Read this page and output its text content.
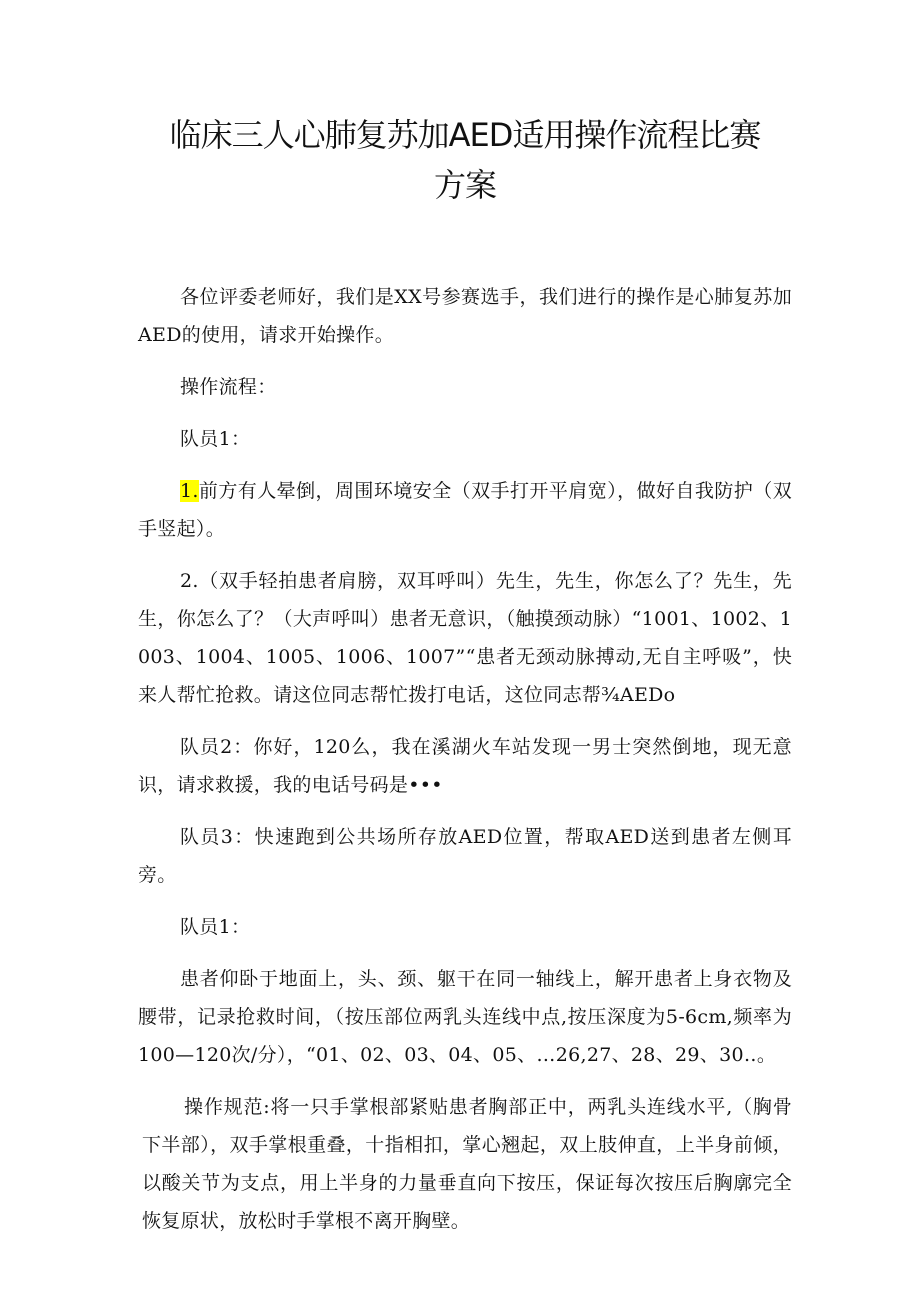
临床三人心肺复苏加AED适用操作流程比赛
方案

各位评委老师好，我们是XX号参赛选手，我们进行的操作是心肺复苏加AED的使用，请求开始操作。

操作流程：

队员1：

1.前方有人晕倒，周围环境安全（双手打开平肩宽），做好自我防护（双手竖起）。

2.（双手轻拍患者肩膀，双耳呼叫）先生，先生，你怎么了？先生，先生，你怎么了？（大声呼叫）患者无意识，（触摸颈动脉）“1001、1002、1003、1004、1005、1006、1007”“患者无颈动脉搏动,无自主呼吸”，快来人帮忙抢救。请这位同志帮忙拨打电话，这位同志帮¾AEDo

队员2：你好，120么，我在溪湖火车站发现一男士突然倒地，现无意识，请求救援，我的电话号码是•••

队员3：快速跑到公共场所存放AED位置，帮取AED送到患者左侧耳旁。

队员1：

患者仰卧于地面上，头、颈、躯干在同一轴线上，解开患者上身衣物及腰带，记录抢救时间，（按压部位两乳头连线中点,按压深度为5-6cm,频率为100—120次/分），“01、02、03、04、05、…26,27、28、29、30‥。

操作规范:将一只手掌根部紧贴患者胸部正中，两乳头连线水平,（胸骨下半部），双手掌根重叠，十指相扣，掌心翘起，双上肢伸直，上半身前倾，以酸关节为支点，用上半身的力量垂直向下按压，保证每次按压后胸廓完全恢复原状，放松时手掌根不离开胸壁。
